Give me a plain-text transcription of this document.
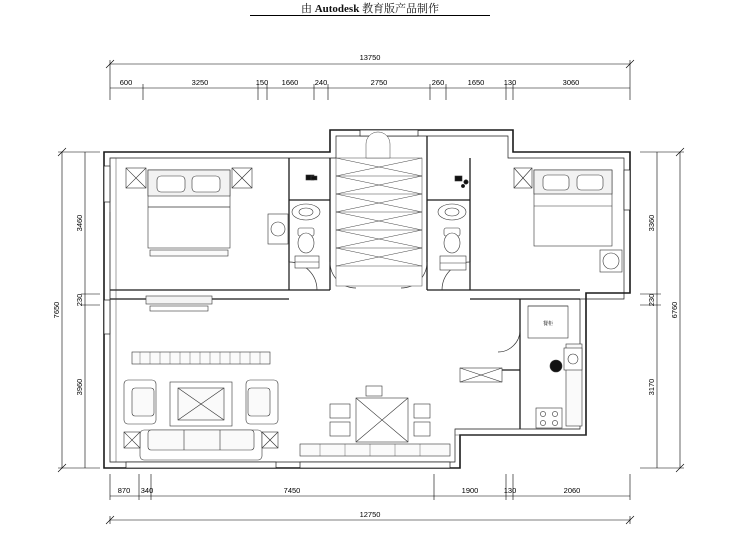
由 Autodesk 教育版产品制作
13750
600	3250	150 1660 240	2750	260	1650	130	3060
870 340	7450	1900	130	2060
12750
7650
3460
230
3960
6760
3360
230
3170
餐柜
